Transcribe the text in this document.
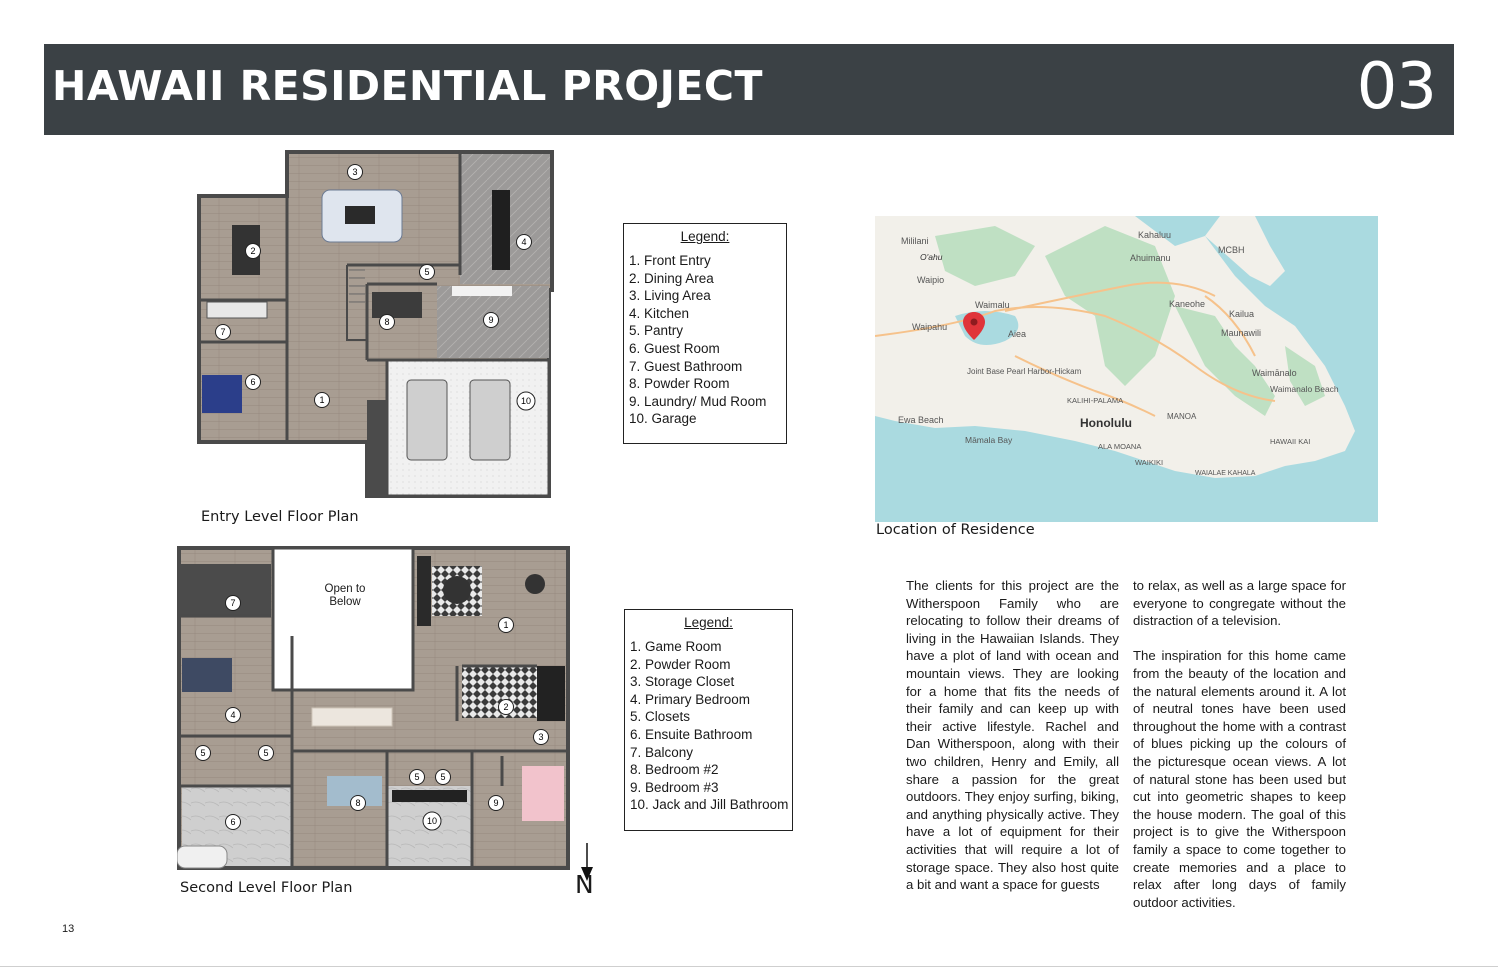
HAWAII RESIDENTIAL PROJECT	03
1
2
3
4
5
6
7
8	9
10
Entry Level Floor Plan
Legend:
1. Front Entry
2. Dining Area
3. Living Area
4. Kitchen
5. Pantry
6. Guest Room
7. Guest Bathroom
8. Powder Room
9. Laundry/ Mud Room
10. Garage
1
2
3
4
5	5
5 5
6
7
8	9
10
Open to
Below
Second Level Floor Plan
Legend:
1. Game Room
2. Powder Room
3. Storage Closet
4. Primary Bedroom
5. Closets
6. Ensuite Bathroom
7. Balcony
8. Bedroom #2
9. Bedroom #3
10. Jack and Jill Bathroom
N
Mililani
O'ahu
Waipio
Waimalu
Waipahu
Aiea
Joint Base Pearl Harbor-Hickam
Ewa Beach
Māmala Bay
Honolulu
KALIHI-PALAMA
MANOA
ALA MOANA
WAIKIKI
WAIALAE KAHALA
HAWAII KAI
Kahaluu
Ahuimanu
MCBH
Kaneohe
Kailua
Maunawili
Waimānalo
Waimanalo Beach
Location of Residence

The clients for this project are the Witherspoon Family who are relocating to follow their dreams of living in the Hawaiian Islands. They have a plot of land with ocean and mountain views. They are looking for a home that fits the needs of their family and can keep up with their active lifestyle. Rachel and Dan Witherspoon, along with their two children, Henry and Emily, all share a passion for the great outdoors. They enjoy surfing, biking, and anything physically active. They have a lot of equipment for their activities that will require a lot of storage space. They also host quite a bit and want a space for guests

to relax, as well as a large space for everyone to congregate without the distraction of a television.

The inspiration for this home came from the beauty of the location and the natural elements around it. A lot of neutral tones have been used throughout the home with a contrast of blues picking up the colours of the picturesque ocean views. A lot of natural stone has been used but cut into geometric shapes to keep the house modern. The goal of this project is to give the Witherspoon family a space to come together to create memories and a place to relax after long days of family outdoor activities.

13
